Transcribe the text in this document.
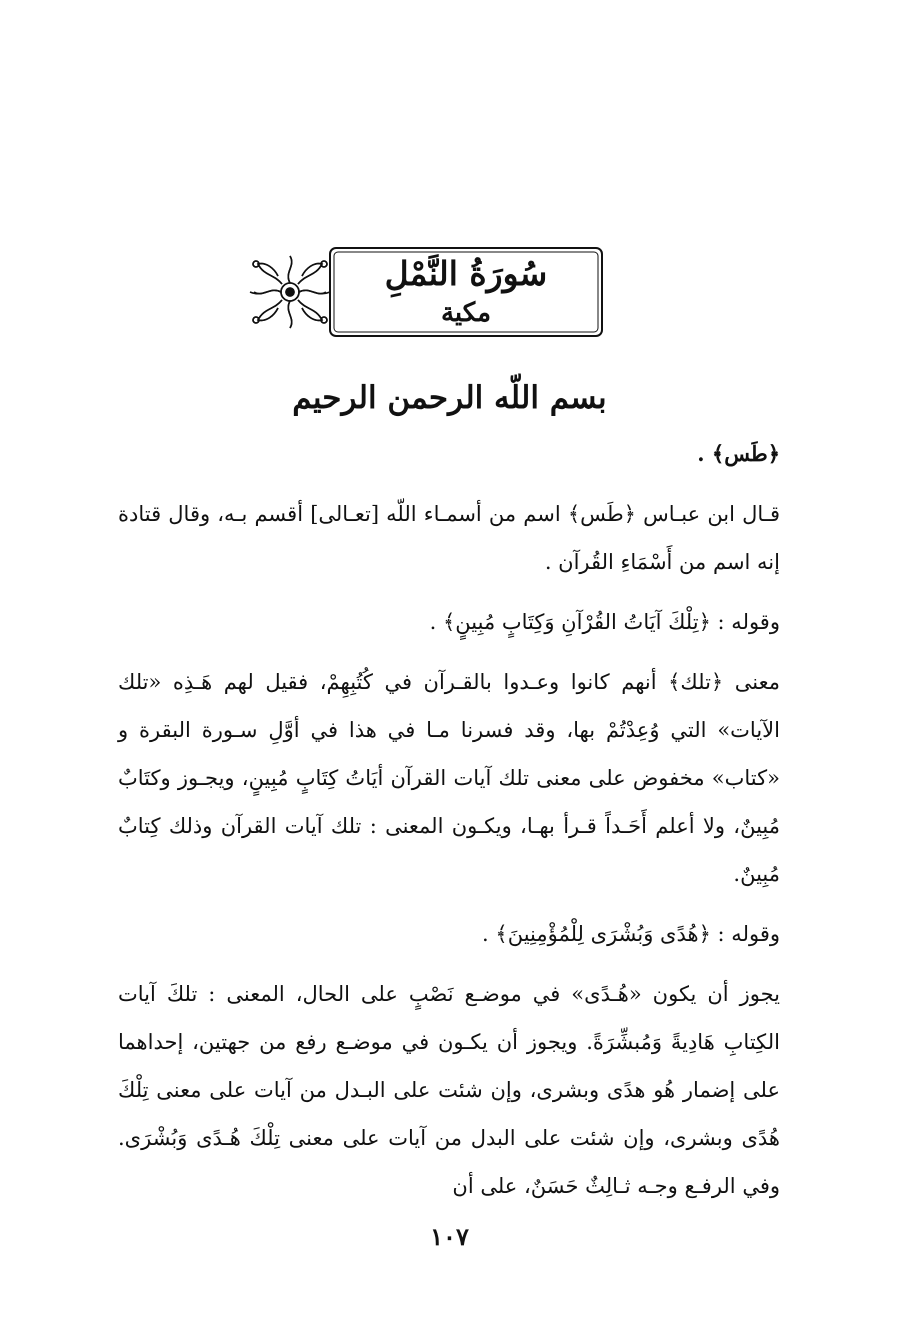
سُورَةُ النَّمْلِ
مكية
بسم اللّه الرحمن الرحيم

﴿طَس﴾ .

قـال ابن عبـاس ﴿طَس﴾ اسم من أسمـاء اللّه [تعـالى] أقسم بـه، وقال قتادة إنه اسم من أَسْمَاءِ القُرآن .

وقوله : ﴿تِلْكَ آيَاتُ القُرْآنِ وَكِتَابٍ مُبِينٍ﴾ .

معنى ﴿تلك﴾ أنهم كانوا وعـدوا بالقـرآن في كُتُبِهِمْ، فقيل لهم هَـذِه «تلك الآيات» التي وُعِدْتُمْ بها، وقد فسرنا مـا في هذا في أوَّلِ سـورة البقرة و «كتاب» مخفوض على معنى تلك آيات القرآن أيَاتُ كِتَابٍ مُبِينٍ، ويجـوز وكتَابٌ مُبِينٌ، ولا أعلم أَحَـداً قـرأ بهـا، ويكـون المعنى : تلك آيات القرآن وذلك كِتابٌ مُبِينٌ.

وقوله : ﴿هُدًى وَبُشْرَى لِلْمُؤْمِنِينَ﴾ .

يجوز أن يكون «هُـدًى» في موضـع نَصْبٍ على الحال، المعنى : تلكَ آيات الكِتابِ هَادِيةً وَمُبشِّرَةً. ويجوز أن يكـون في موضـع رفع من جهتين، إحداهما على إضمار هُو هدًى وبشرى، وإن شئت على البـدل من آيات على معنى تِلْكَ هُدًى وبشرى، وإن شئت على البدل من آيات على معنى تِلْكَ هُـدًى وَبُشْرَى. وفي الرفـع وجـه ثـالِثٌ حَسَنٌ، على أن

١٠٧
